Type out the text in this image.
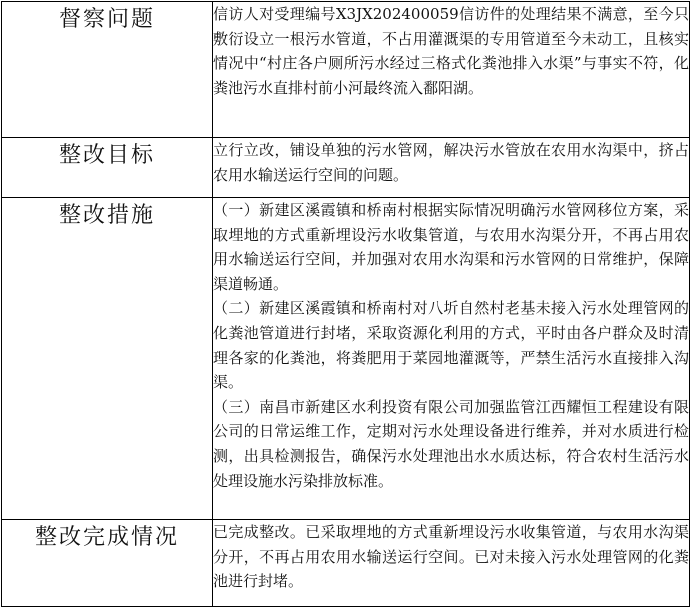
督察问题	信访人对受理编号X3JX202400059信访件的处理结果不满意，至今只敷衍设立一根污水管道，不占用灌溉渠的专用管道至今未动工，且核实情况中“村庄各户厕所污水经过三格式化粪池排入水渠”与事实不符，化粪池污水直排村前小河最终流入鄱阳湖。

整改目标	立行立改，铺设单独的污水管网，解决污水管放在农用水沟渠中，挤占农用水输送运行空间的问题。

整改措施	（一）新建区溪霞镇和桥南村根据实际情况明确污水管网移位方案，采取埋地的方式重新埋设污水收集管道，与农用水沟渠分开，不再占用农用水输送运行空间，并加强对农用水沟渠和污水管网的日常维护，保障渠道畅通。
（二）新建区溪霞镇和桥南村对八圻自然村老基未接入污水处理管网的化粪池管道进行封堵，采取资源化利用的方式，平时由各户群众及时清理各家的化粪池，将粪肥用于菜园地灌溉等，严禁生活污水直接排入沟渠。
（三）南昌市新建区水利投资有限公司加强监管江西耀恒工程建设有限公司的日常运维工作，定期对污水处理设备进行维养，并对水质进行检测，出具检测报告，确保污水处理池出水水质达标，符合农村生活污水处理设施水污染排放标准。

整改完成情况	已完成整改。已采取埋地的方式重新埋设污水收集管道，与农用水沟渠分开，不再占用农用水输送运行空间。已对未接入污水处理管网的化粪池进行封堵。
